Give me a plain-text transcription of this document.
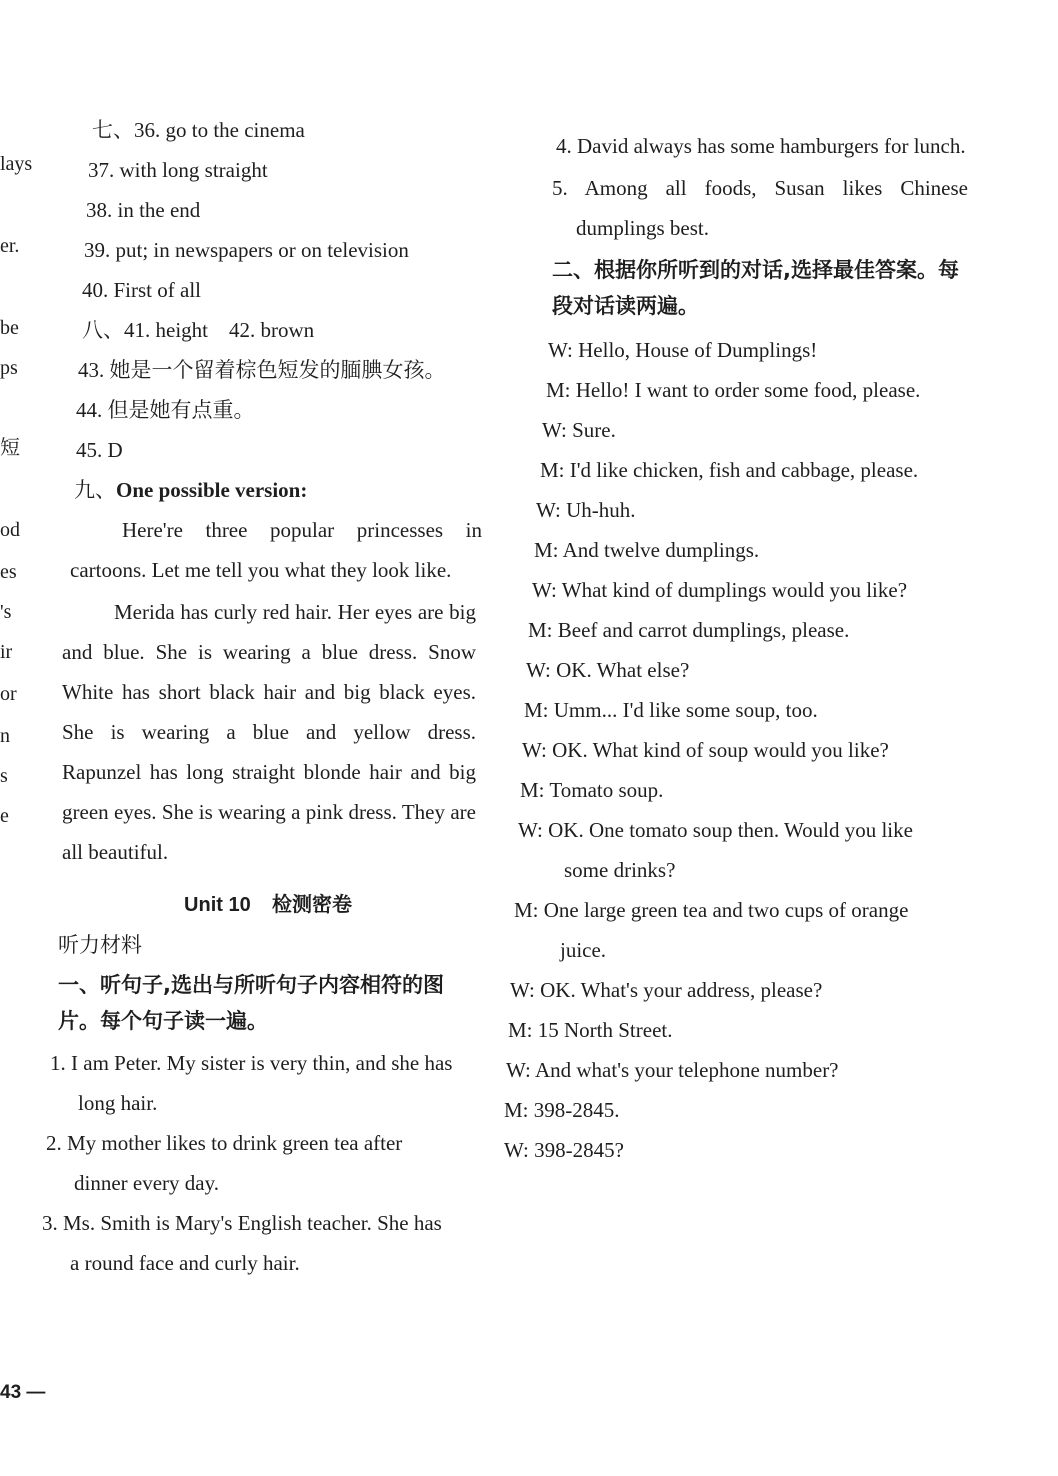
lays
er.
be
ps
短
od
es
's
ir
or
n
s
e
七、36. go to the cinema
37. with long straight
38. in the end
39. put; in newspapers or on television
40. First of all
八、41. height    42. brown
43. 她是一个留着棕色短发的腼腆女孩。
44. 但是她有点重。
45. D
九、One possible version:
Here're three popular princesses in cartoons. Let me tell you what they look like.
Merida has curly red hair. Her eyes are big and blue. She is wearing a blue dress. Snow White has short black hair and big black eyes. She is wearing a blue and yellow dress. Rapunzel has long straight blonde hair and big green eyes. She is wearing a pink dress. They are all beautiful.
Unit 10 检测密卷
听力材料
一、听句子,选出与所听句子内容相符的图片。每个句子读一遍。
1. I am Peter. My sister is very thin, and she has long hair.
2. My mother likes to drink green tea after dinner every day.
3. Ms. Smith is Mary's English teacher. She has a round face and curly hair.
4. David always has some hamburgers for lunch.
5. Among all foods, Susan likes Chinese dumplings best.
二、根据你所听到的对话,选择最佳答案。每段对话读两遍。
W: Hello, House of Dumplings!
M: Hello! I want to order some food, please.
W: Sure.
M: I'd like chicken, fish and cabbage, please.
W: Uh-huh.
M: And twelve dumplings.
W: What kind of dumplings would you like?
M: Beef and carrot dumplings, please.
W: OK. What else?
M: Umm... I'd like some soup, too.
W: OK. What kind of soup would you like?
M: Tomato soup.
W: OK. One tomato soup then. Would you like some drinks?
M: One large green tea and two cups of orange juice.
W: OK. What's your address, please?
M: 15 North Street.
W: And what's your telephone number?
M: 398-2845.
W: 398-2845?
43 —
